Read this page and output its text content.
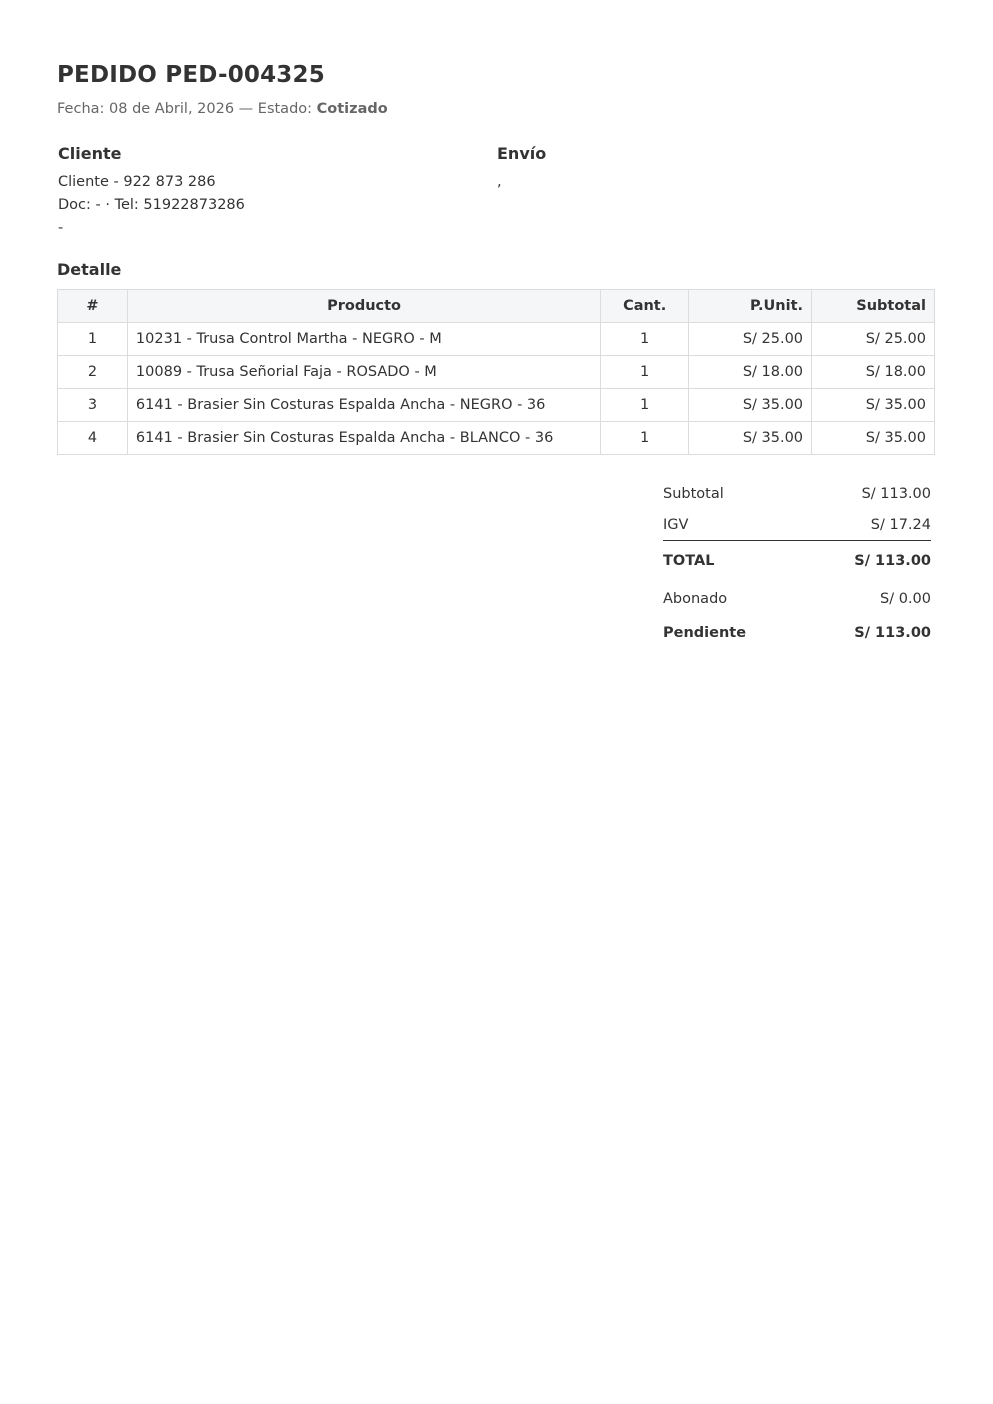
PEDIDO PED-004325
Fecha: 08 de Abril, 2026 — Estado: Cotizado
Cliente
Cliente - 922 873 286
Doc: - · Tel: 51922873286
-
Envío
,
Detalle
#	Producto	Cant.	P.Unit.	Subtotal
1	10231 - Trusa Control Martha - NEGRO - M	1	S/ 25.00	S/ 25.00
2	10089 - Trusa Señorial Faja - ROSADO - M	1	S/ 18.00	S/ 18.00
3	6141 - Brasier Sin Costuras Espalda Ancha - NEGRO - 36	1	S/ 35.00	S/ 35.00
4	6141 - Brasier Sin Costuras Espalda Ancha - BLANCO - 36	1	S/ 35.00	S/ 35.00
Subtotal	S/ 113.00
IGV	S/ 17.24
TOTAL	S/ 113.00
Abonado	S/ 0.00
Pendiente	S/ 113.00
